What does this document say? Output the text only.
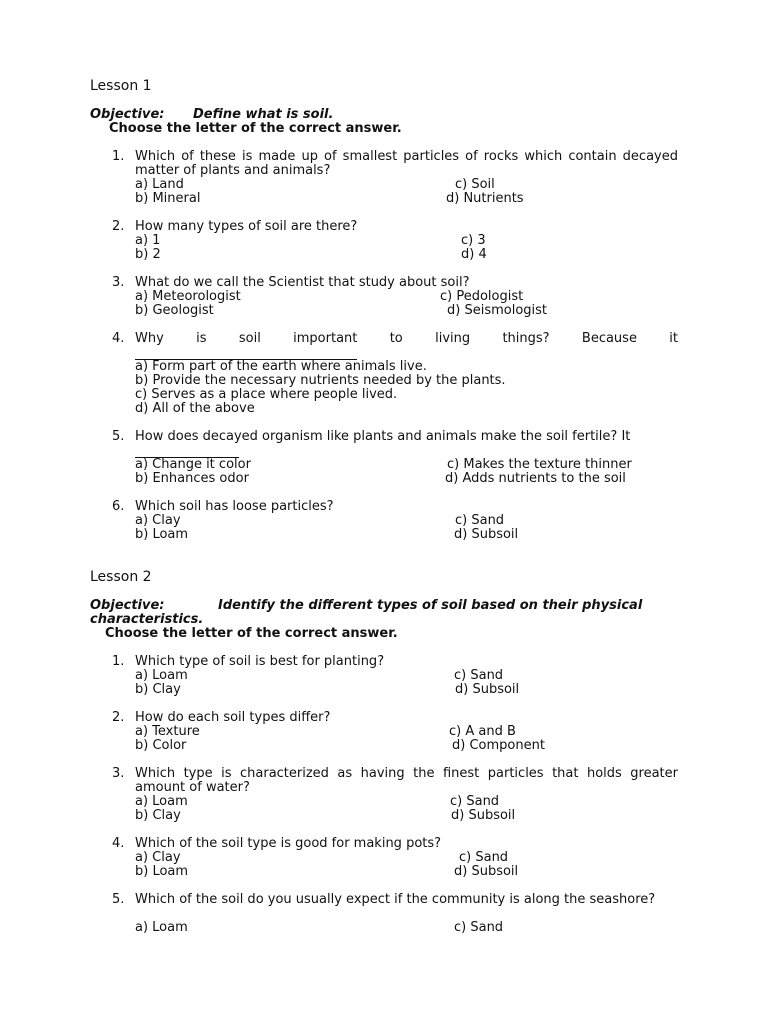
Lesson 1
Objective: Define what is soil.
Choose the letter of the correct answer.
1. Which of these is made up of smallest particles of rocks which contain decayed matter of plants and animals?
a) Land
b) Mineral
c) Soil
d) Nutrients
2. How many types of soil are there?
a) 1
b) 2
c) 3
d) 4
3. What do we call the Scientist that study about soil?
a) Meteorologist
b) Geologist
c) Pedologist
d) Seismologist
4. Why is soil important to living things? Because it
a) Form part of the earth where animals live.
b) Provide the necessary nutrients needed by the plants.
c) Serves as a place where people lived.
d) All of the above
5. How does decayed organism like plants and animals make the soil fertile? It
a) Change it color
b) Enhances odor
c) Makes the texture thinner
d) Adds nutrients to the soil
6. Which soil has loose particles?
a) Clay
b) Loam
c) Sand
d) Subsoil
Lesson 2
Objective:	Identify the different types of soil based on their physical
characteristics.
Choose the letter of the correct answer.
1. Which type of soil is best for planting?
a) Loam
b) Clay
c) Sand
d) Subsoil
2. How do each soil types differ?
a) Texture
b) Color
c) A and B
d) Component
3. Which type is characterized as having the finest particles that holds greater amount of water?
a) Loam
b) Clay
c) Sand
d) Subsoil
4. Which of the soil type is good for making pots?
a) Clay
b) Loam
c) Sand
d) Subsoil
5. Which of the soil do you usually expect if the community is along the seashore?
a) Loam	c) Sand
